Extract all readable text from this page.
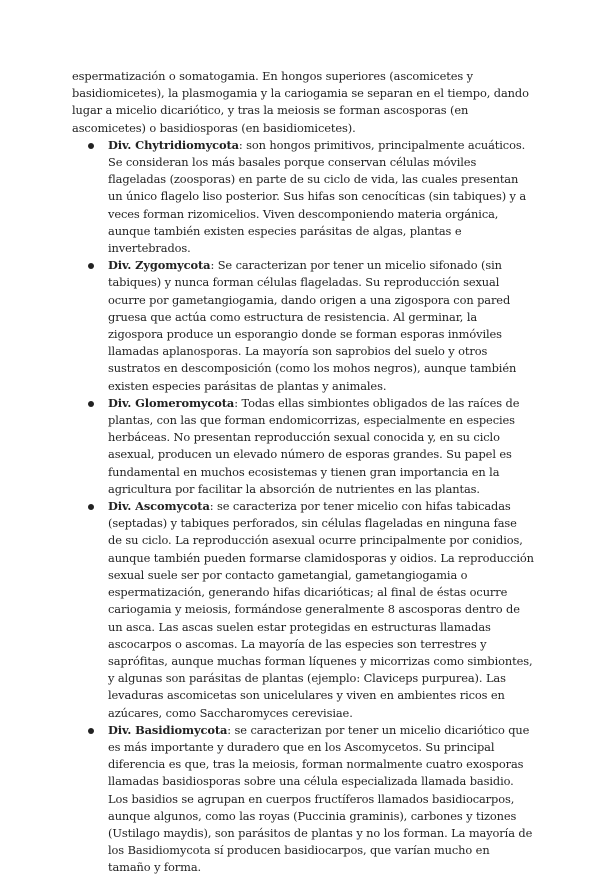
espermatización o somatogamia. En hongos superiores (ascomicetes y basidiomicetes), la plasmogamia y la cariogamia se separan en el tiempo, dando lugar a micelio dicariótico, y tras la meiosis se forman ascosporas (en ascomicetes) o basidiosporas (en basidiomicetes).

Div. Chytridiomycota: son hongos primitivos, principalmente acuáticos. Se consideran los más basales porque conservan células móviles flageladas (zoosporas) en parte de su ciclo de vida, las cuales presentan un único flagelo liso posterior. Sus hifas son cenocíticas (sin tabiques) y a veces forman rizomicelios. Viven descomponiendo materia orgánica, aunque también existen especies parásitas de algas, plantas e invertebrados.
Div. Zygomycota: Se caracterizan por tener un micelio sifonado (sin tabiques) y nunca forman células flageladas. Su reproducción sexual ocurre por gametangiogamia, dando origen a una zigospora con pared gruesa que actúa como estructura de resistencia. Al germinar, la zigospora produce un esporangio donde se forman esporas inmóviles llamadas aplanosporas. La mayoría son saprobios del suelo y otros sustratos en descomposición (como los mohos negros), aunque también existen especies parásitas de plantas y animales.
Div. Glomeromycota: Todas ellas simbiontes obligados de las raíces de plantas, con las que forman endomicorrizas, especialmente en especies herbáceas. No presentan reproducción sexual conocida y, en su ciclo asexual, producen un elevado número de esporas grandes. Su papel es fundamental en muchos ecosistemas y tienen gran importancia en la agricultura por facilitar la absorción de nutrientes en las plantas.
Div. Ascomycota: se caracteriza por tener micelio con hifas tabicadas (septadas) y tabiques perforados, sin células flageladas en ninguna fase de su ciclo. La reproducción asexual ocurre principalmente por conidios, aunque también pueden formarse clamidosporas y oidios. La reproducción sexual suele ser por contacto gametangial, gametangiogamia o espermatización, generando hifas dicarióticas; al final de éstas ocurre cariogamia y meiosis, formándose generalmente 8 ascosporas dentro de un asca. Las ascas suelen estar protegidas en estructuras llamadas ascocarpos o ascomas. La mayoría de las especies son terrestres y saprófitas, aunque muchas forman líquenes y micorrizas como simbiontes, y algunas son parásitas de plantas (ejemplo: Claviceps purpurea). Las levaduras ascomicetas son unicelulares y viven en ambientes ricos en azúcares, como Saccharomyces cerevisiae.
Div. Basidiomycota: se caracterizan por tener un micelio dicariótico que es más importante y duradero que en los Ascomycetos. Su principal diferencia es que, tras la meiosis, forman normalmente cuatro exosporas llamadas basidiosporas sobre una célula especializada llamada basidio. Los basidios se agrupan en cuerpos fructíferos llamados basidiocarpos, aunque algunos, como las royas (Puccinia graminis), carbones y tizones (Ustilago maydis), son parásitos de plantas y no los forman. La mayoría de los Basidiomycota sí producen basidiocarpos, que varían mucho en tamaño y forma.
